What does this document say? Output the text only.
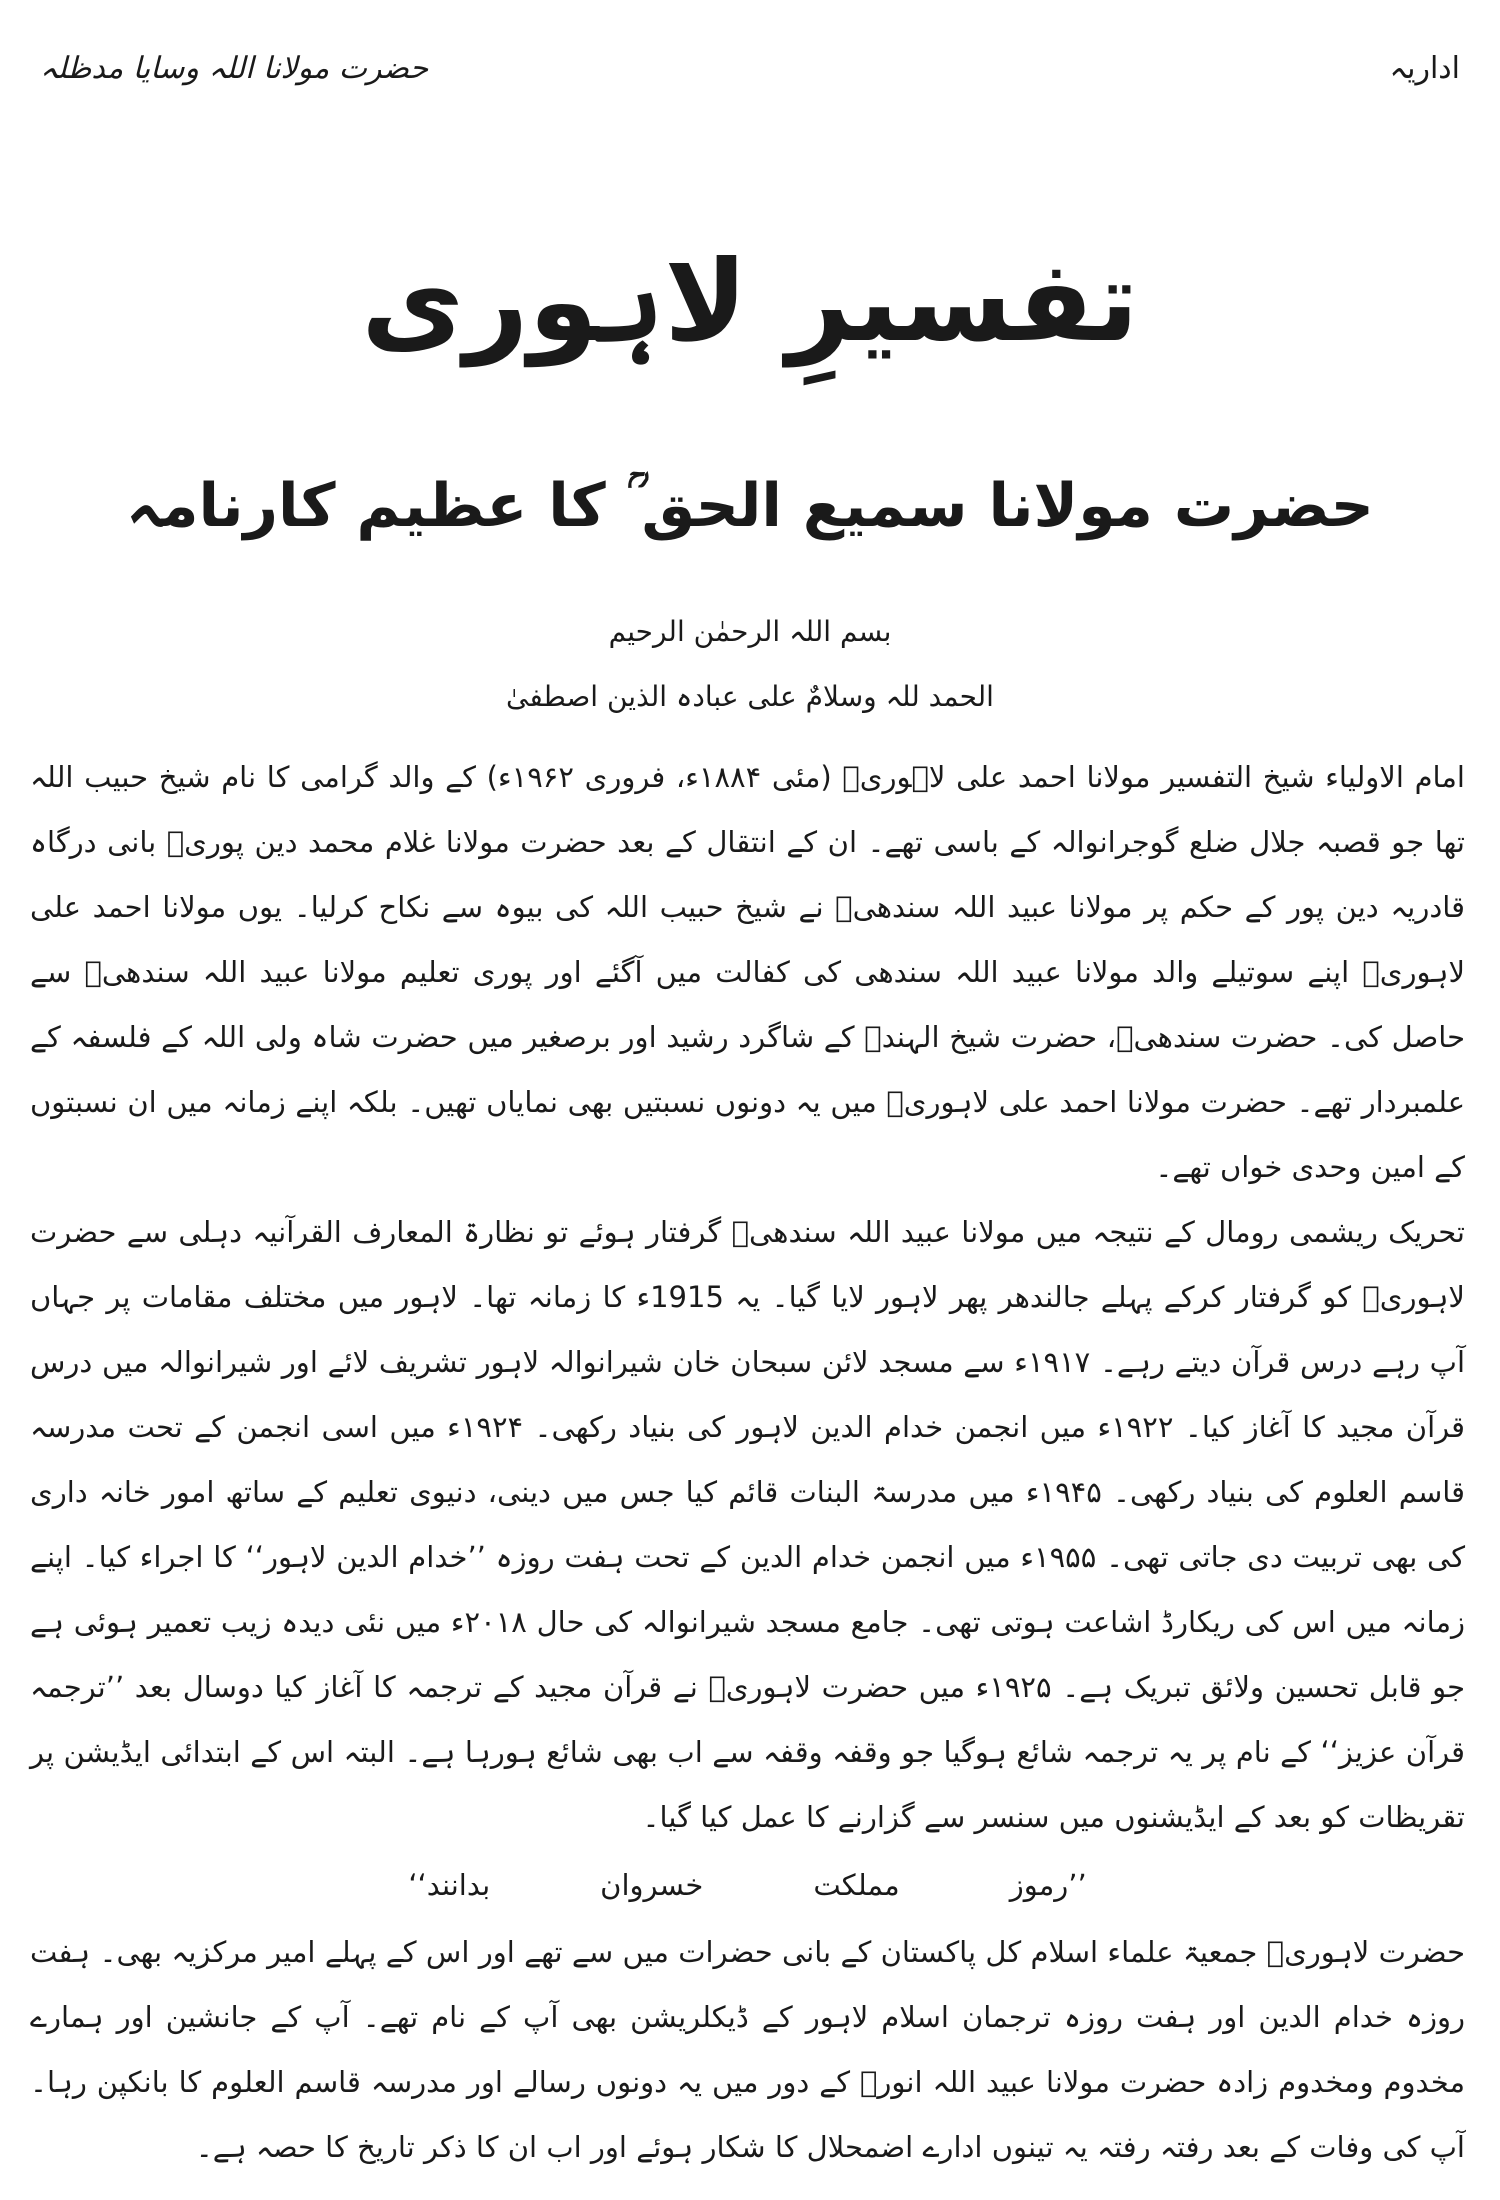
حضرت مولانا اللہ وسایا مدظلہ	اداریہ
تفسیرِ لاہوری
حضرت مولانا سمیع الحق ؒ کا عظیم کارنامہ
بسم اللہ الرحمٰن الرحیم
الحمد للہ وسلامٌ علی عبادہ الذین اصطفیٰ

امام الاولیاء شیخ التفسیر مولانا احمد علی لاہوریؒ (مئی ۱۸۸۴ء، فروری ۱۹۶۲ء) کے والد گرامی کا نام شیخ حبیب اللہ تھا جو قصبہ جلال ضلع گوجرانوالہ کے باسی تھے۔ ان کے انتقال کے بعد حضرت مولانا غلام محمد دین پوریؒ بانی درگاہ قادریہ دین پور کے حکم پر مولانا عبید اللہ سندھیؒ نے شیخ حبیب اللہ کی بیوہ سے نکاح کرلیا۔ یوں مولانا احمد علی لاہوریؒ اپنے سوتیلے والد مولانا عبید اللہ سندھی کی کفالت میں آگئے اور پوری تعلیم مولانا عبید اللہ سندھیؒ سے حاصل کی۔ حضرت سندھیؒ، حضرت شیخ الہندؒ کے شاگرد رشید اور برصغیر میں حضرت شاہ ولی اللہ کے فلسفہ کے علمبردار تھے۔ حضرت مولانا احمد علی لاہوریؒ میں یہ دونوں نسبتیں بھی نمایاں تھیں۔ بلکہ اپنے زمانہ میں ان نسبتوں کے امین وحدی خواں تھے۔

تحریک ریشمی رومال کے نتیجہ میں مولانا عبید اللہ سندھیؒ گرفتار ہوئے تو نظارۃ المعارف القرآنیہ دہلی سے حضرت لاہوریؒ کو گرفتار کرکے پہلے جالندھر پھر لاہور لایا گیا۔ یہ 1915ء کا زمانہ تھا۔ لاہور میں مختلف مقامات پر جہاں آپ رہے درس قرآن دیتے رہے۔ ۱۹۱۷ء سے مسجد لائن سبحان خان شیرانوالہ لاہور تشریف لائے اور شیرانوالہ میں درس قرآن مجید کا آغاز کیا۔ ۱۹۲۲ء میں انجمن خدام الدین لاہور کی بنیاد رکھی۔ ۱۹۲۴ء میں اسی انجمن کے تحت مدرسہ قاسم العلوم کی بنیاد رکھی۔ ۱۹۴۵ء میں مدرسۃ البنات قائم کیا جس میں دینی، دنیوی تعلیم کے ساتھ امور خانہ داری کی بھی تربیت دی جاتی تھی۔ ۱۹۵۵ء میں انجمن خدام الدین کے تحت ہفت روزہ ’’خدام الدین لاہور‘‘ کا اجراء کیا۔ اپنے زمانہ میں اس کی ریکارڈ اشاعت ہوتی تھی۔ جامع مسجد شیرانوالہ کی حال ۲۰۱۸ء میں نئی دیدہ زیب تعمیر ہوئی ہے جو قابل تحسین ولائق تبریک ہے۔ ۱۹۲۵ء میں حضرت لاہوریؒ نے قرآن مجید کے ترجمہ کا آغاز کیا دوسال بعد ’’ترجمہ قرآن عزیز‘‘ کے نام پر یہ ترجمہ شائع ہوگیا جو وقفہ وقفہ سے اب بھی شائع ہورہا ہے۔ البتہ اس کے ابتدائی ایڈیشن پر تقریظات کو بعد کے ایڈیشنوں میں سنسر سے گزارنے کا عمل کیا گیا۔

’’رموز
مملکت
خسروان
بدانند‘‘

حضرت لاہوریؒ جمعیۃ علماء اسلام کل پاکستان کے بانی حضرات میں سے تھے اور اس کے پہلے امیر مرکزیہ بھی۔ ہفت روزہ خدام الدین اور ہفت روزہ ترجمان اسلام لاہور کے ڈیکلریشن بھی آپ کے نام تھے۔ آپ کے جانشین اور ہمارے مخدوم ومخدوم زادہ حضرت مولانا عبید اللہ انورؒ کے دور میں یہ دونوں رسالے اور مدرسہ قاسم العلوم کا بانکپن رہا۔ آپ کی وفات کے بعد رفتہ رفتہ یہ تینوں ادارے اضمحلال کا شکار ہوئے اور اب ان کا ذکر تاریخ کا حصہ ہے۔
